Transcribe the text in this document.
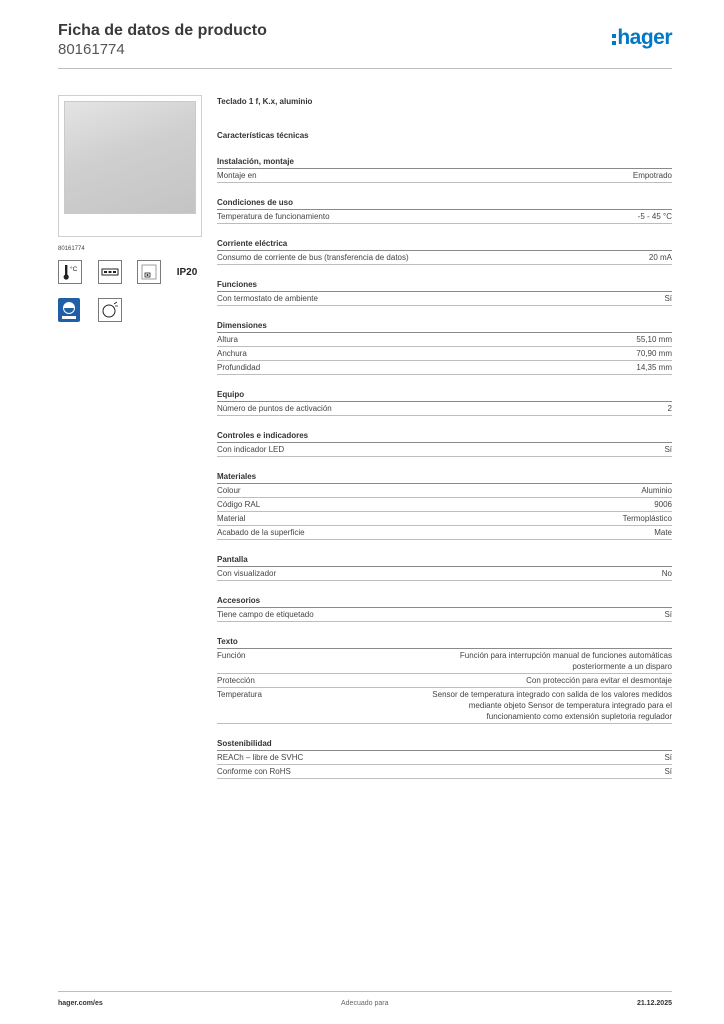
Ficha de datos de producto
80161774
hager
80161774
°C	IP20
Teclado 1 f, K.x, aluminio
Características técnicas
Instalación, montaje
Montaje en	Empotrado
Condiciones de uso
Temperatura de funcionamiento	-5 - 45 °C
Corriente eléctrica
Consumo de corriente de bus (transferencia de datos)	20 mA
Funciones
Con termostato de ambiente	Sí
Dimensiones
Altura	55,10 mm
Anchura	70,90 mm
Profundidad	14,35 mm
Equipo
Número de puntos de activación	2
Controles e indicadores
Con indicador LED	Sí
Materiales
Colour	Aluminio
Código RAL	9006
Material	Termoplástico
Acabado de la superficie	Mate
Pantalla
Con visualizador	No
Accesorios
Tiene campo de etiquetado	Sí
Texto
Función	Función para interrupción manual de funciones automáticas posteriormente a un disparo
Protección	Con protección para evitar el desmontaje
Temperatura	Sensor de temperatura integrado con salida de los valores medidos mediante objeto Sensor de temperatura integrado para el funcionamiento como extensión supletoria regulador
Sostenibilidad
REACh – libre de SVHC	Sí
Conforme con RoHS	Sí
hager.com/es	Adecuado para	21.12.2025
